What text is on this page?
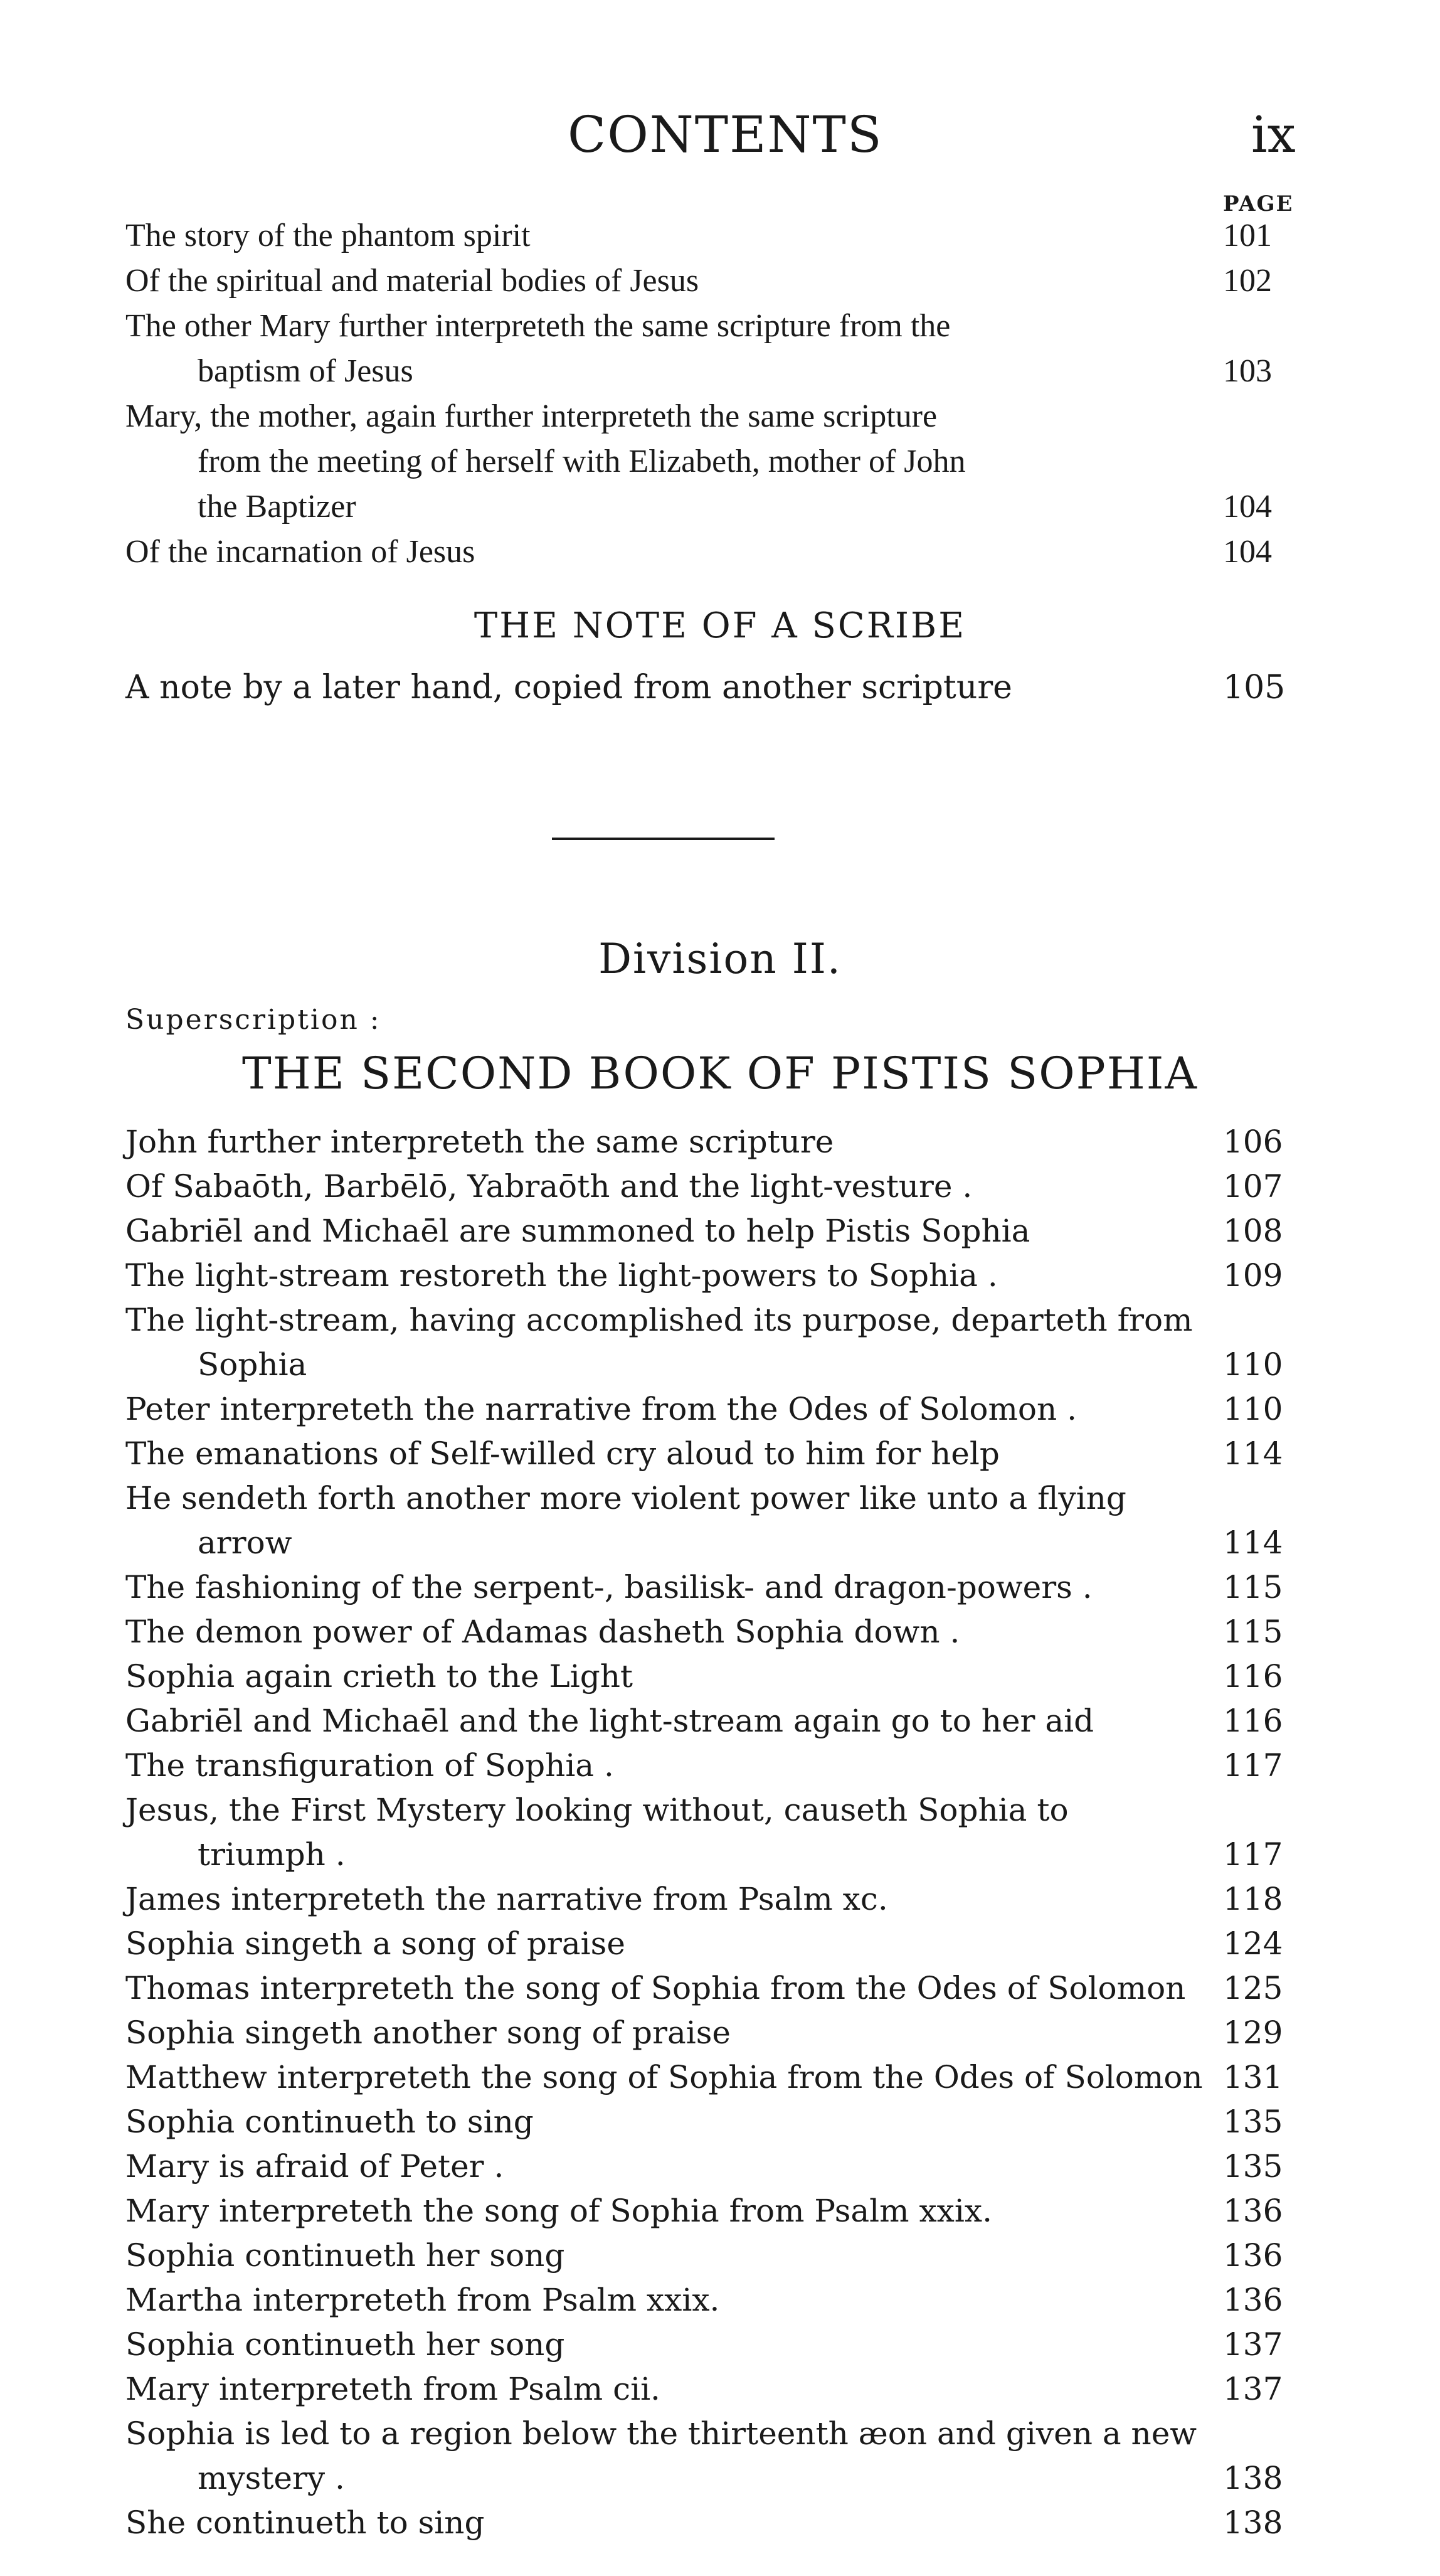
CONTENTS	ix
PAGE
The story of the phantom spirit	101
Of the spiritual and material bodies of Jesus	102
The other Mary further interpreteth the same scripture from the
baptism of Jesus	103
Mary, the mother, again further interpreteth the same scripture
from the meeting of herself with Elizabeth, mother of John
the Baptizer	104
Of the incarnation of Jesus	104
THE NOTE OF A SCRIBE
A note by a later hand, copied from another scripture	105
Division II.
Superscription :
THE SECOND BOOK OF PISTIS SOPHIA
John further interpreteth the same scripture	106
Of Sabaōth, Barbēlō, Yabraōth and the light-vesture .	107
Gabriēl and Michaēl are summoned to help Pistis Sophia	108
The light-stream restoreth the light-powers to Sophia .	109
The light-stream, having accomplished its purpose, departeth from
Sophia	110
Peter interpreteth the narrative from the Odes of Solomon .	110
The emanations of Self-willed cry aloud to him for help	114
He sendeth forth another more violent power like unto a flying
arrow	114
The fashioning of the serpent-, basilisk- and dragon-powers .	115
The demon power of Adamas dasheth Sophia down .	115
Sophia again crieth to the Light	116
Gabriēl and Michaēl and the light-stream again go to her aid	116
The transfiguration of Sophia .	117
Jesus, the First Mystery looking without, causeth Sophia to
triumph .	117
James interpreteth the narrative from Psalm xc.	118
Sophia singeth a song of praise	124
Thomas interpreteth the song of Sophia from the Odes of Solomon 125
Sophia singeth another song of praise	129
Matthew interpreteth the song of Sophia from the Odes of Solomon 131
Sophia continueth to sing	135
Mary is afraid of Peter .	135
Mary interpreteth the song of Sophia from Psalm xxix.	136
Sophia continueth her song	136
Martha interpreteth from Psalm xxix.	136
Sophia continueth her song	137
Mary interpreteth from Psalm cii.	137
Sophia is led to a region below the thirteenth æon and given a new
mystery .	138
She continueth to sing	138
